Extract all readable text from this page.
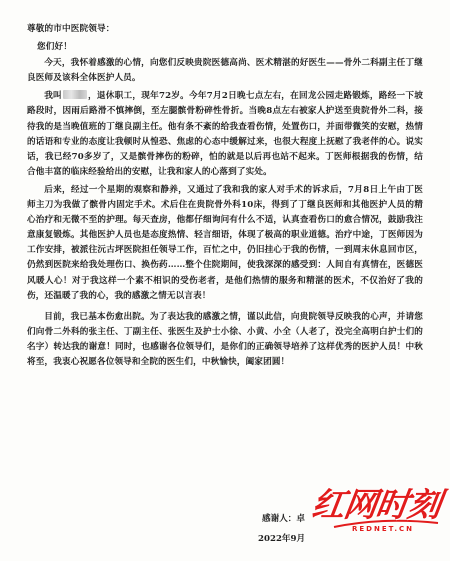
尊敬的市中医院领导：

您们好！

今天，我怀着感激的心情，向您们反映贵院医德高尚、医术精湛的好医生——骨外二科副主任丁继良医师及该科全体医护人员。

我叫	，退休职工，现年72岁。今年7月2日晚七点左右，在回龙公园走路锻炼，路经一下坡路段时，因雨后路滑不慎摔倒，至左腿髌骨粉碎性骨折。当晚8点左右被家人护送至贵院骨外二科，接待我的是当晚值班的丁继良副主任。他有条不紊的给我查看伤情，处置伤口，并面带微笑的安慰，热情的话语和专业的态度让我顿时从惶恐、焦虑的心态中缓解过来，也很大程度上抚慰了我老伴的心。说实话，我已经70多岁了，又是髌骨摔伤的粉碎，怕的就是以后再也站不起来。丁医师根据我的伤情，结合他丰富的临床经验给出的安慰，让我和家人的心落到了实处。

后来，经过一个星期的观察和静养，又通过了我和我的家人对手术的诉求后，7月8日上午由丁医师主刀为我做了髌骨内固定手术。术后住在贵院骨外科10床，得到了丁继良医师和其他医护人员的精心治疗和无微不至的护理。每天查房，他都仔细询问有什么不适，认真查看伤口的愈合情况，鼓励我注意康复锻炼。其他医护人员也是态度热情、轻言细语，体现了极高的职业道德。治疗中途，丁医师因为工作安排，被派往沅古坪医院担任领导工作，百忙之中，仍旧挂心于我的伤情，一到周末休息回市区，仍然到医院来给我处理伤口、换伤药……整个住院期间，使我深深的感受到：人间自有真情在，医德医风暖人心！对于我这样一个素不相识的受伤老者，是他们热情的服务和精湛的医术，不仅治好了我的伤，还温暖了我的心，我的感激之情无以言表！

目前，我已基本伤愈出院。为了表达我的感激之情，谨以此信，向贵院领导反映我的心声，并请您们向骨二外科的张主任、丁副主任、张医生及护士小徐、小黄、小全（人老了，没完全高明白护士们的名字）转达我的谢意！同时，也感谢各位领导们，是你们的正确领导培养了这样优秀的医护人员！中秋将至，我衷心祝愿各位领导和全院的医生们，中秋愉快，阖家团圆！

感谢人：卓
2022年9月
红网时刻
REDNET.CN
